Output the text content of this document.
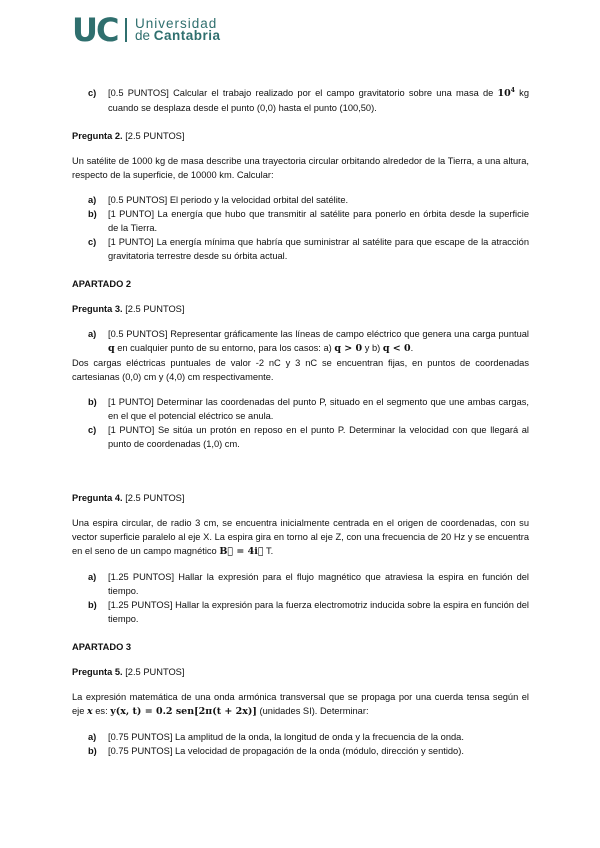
UC Universidad
de Cantabria
c)	[0.5 PUNTOS] Calcular el trabajo realizado por el campo gravitatorio sobre una masa de $10^4$ kg cuando se desplaza desde el punto (0,0) hasta el punto (100,50).

Pregunta 2. [2.5 PUNTOS]

Un satélite de 1000 kg de masa describe una trayectoria circular orbitando alrededor de la Tierra, a una altura, respecto de la superficie, de 10000 km. Calcular:

a)	[0.5 PUNTOS] El periodo y la velocidad orbital del satélite.
b)	[1 PUNTO] La energía que hubo que transmitir al satélite para ponerlo en órbita desde la superficie de la Tierra.
c)	[1 PUNTO] La energía mínima que habría que suministrar al satélite para que escape de la atracción gravitatoria terrestre desde su órbita actual.

APARTADO 2

Pregunta 3. [2.5 PUNTOS]

a)	[0.5 PUNTOS] Representar gráficamente las líneas de campo eléctrico que genera una carga puntual q en cualquier punto de su entorno, para los casos: a) q > 0 y b) q < 0.

Dos cargas eléctricas puntuales de valor -2 nC y 3 nC se encuentran fijas, en puntos de coordenadas cartesianas (0,0) cm y (4,0) cm respectivamente.

b)	[1 PUNTO] Determinar las coordenadas del punto P, situado en el segmento que une ambas cargas, en el que el potencial eléctrico se anula.
c)	[1 PUNTO] Se sitúa un protón en reposo en el punto P. Determinar la velocidad con que llegará al punto de coordenadas (1,0) cm.

Pregunta 4. [2.5 PUNTOS]

Una espira circular, de radio 3 cm, se encuentra inicialmente centrada en el origen de coordenadas, con su vector superficie paralelo al eje X. La espira gira en torno al eje Z, con una frecuencia de 20 Hz y se encuentra en el seno de un campo magnético B⃗ = 4i⃗ T.

a)	[1.25 PUNTOS] Hallar la expresión para el flujo magnético que atraviesa la espira en función del tiempo.
b)	[1.25 PUNTOS] Hallar la expresión para la fuerza electromotriz inducida sobre la espira en función del tiempo.

APARTADO 3

Pregunta 5. [2.5 PUNTOS]

La expresión matemática de una onda armónica transversal que se propaga por una cuerda tensa según el eje x es: y(x, t) = 0.2 sen[2π(t + 2x)] (unidades SI). Determinar:

a)	[0.75 PUNTOS] La amplitud de la onda, la longitud de onda y la frecuencia de la onda.
b)	[0.75 PUNTOS] La velocidad de propagación de la onda (módulo, dirección y sentido).
